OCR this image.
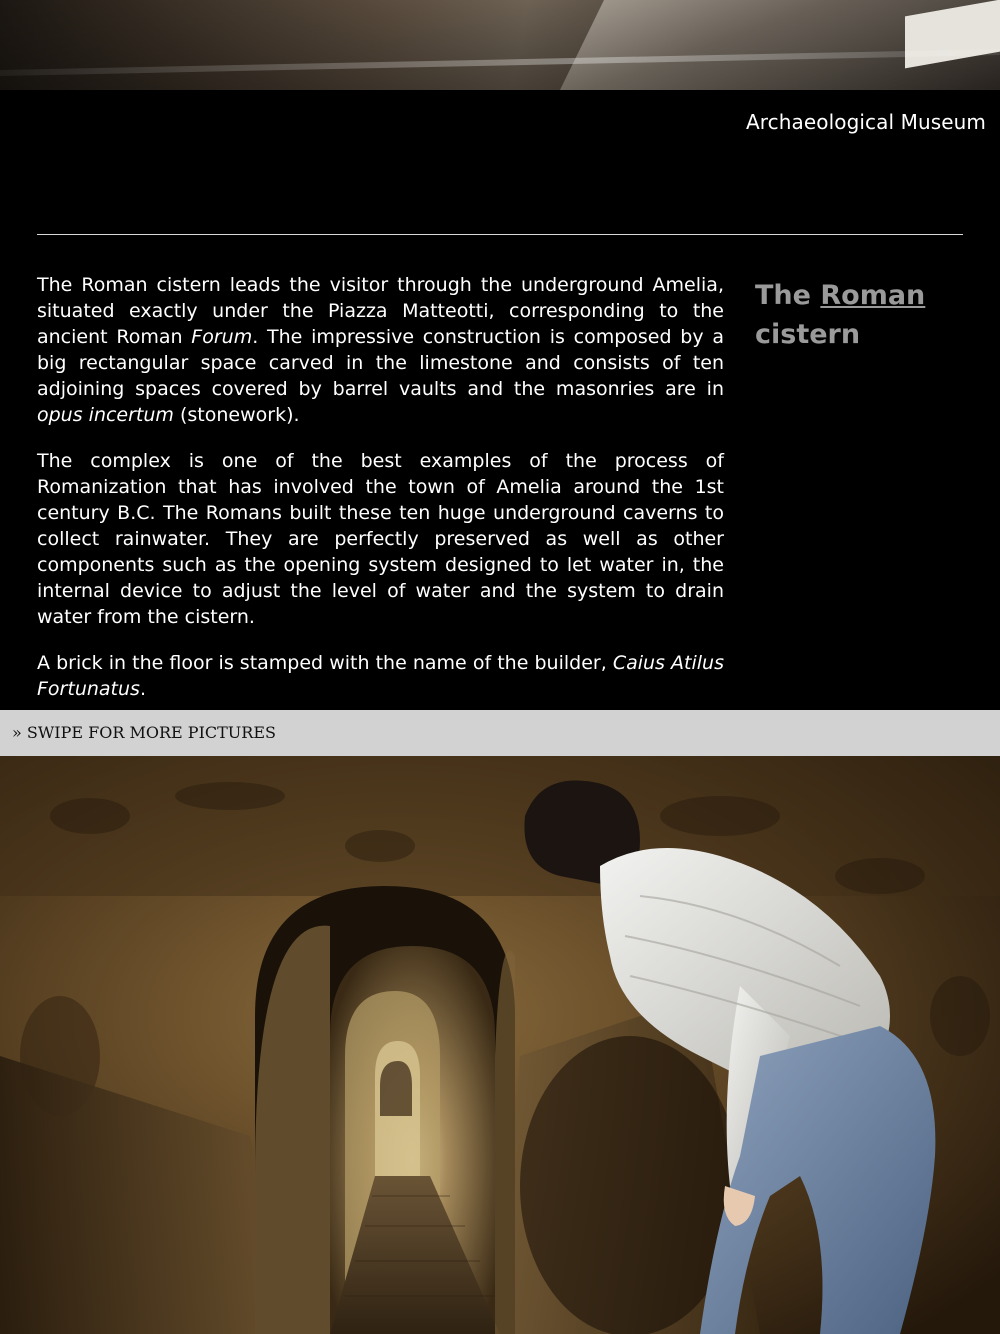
Archaeological Museum

The Roman cistern leads the visitor through the underground Amelia, situated exactly under the Piazza Matteotti, corresponding to the ancient Roman Forum. The impressive construction is composed by a big rectangular space carved in the limestone and consists of ten adjoining spaces covered by barrel vaults and the masonries are in opus incertum (stonework).

The complex is one of the best examples of the process of Romanization that has involved the town of Amelia around the 1st century B.C. The Romans built these ten huge underground caverns to collect rainwater. They are perfectly preserved as well as other components such as the opening system designed to let water in, the internal device to adjust the level of water and the system to drain water from the cistern.

A brick in the floor is stamped with the name of the builder, Caius Atilus Fortunatus.

The Roman
cistern
» SWIPE FOR MORE PICTURES
